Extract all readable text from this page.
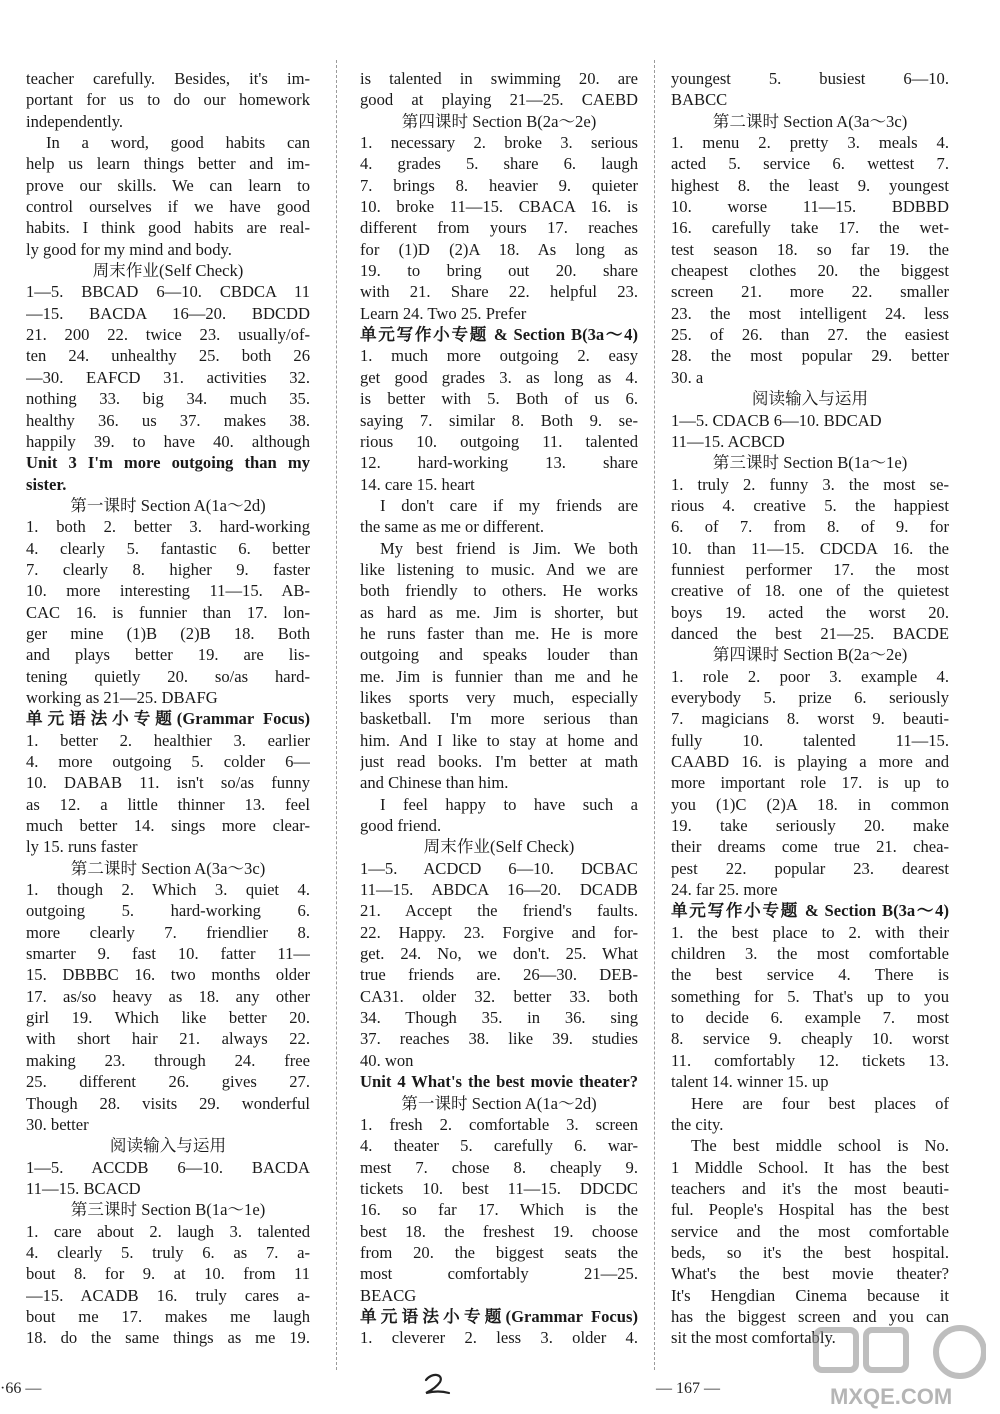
teacher carefully. Besides, it's im-
portant for us to do our homework
independently.
In a word, good habits can
help us learn things better and im-
prove our skills. We can learn to
control ourselves if we have good
habits. I think good habits are real-
ly good for my mind and body.
周末作业(Self Check)
1—5. BBCAD 6—10. CBDCA 11
—15. BACDA 16—20. BDCDD
21. 200 22. twice 23. usually/of-
ten 24. unhealthy 25. both 26
—30. EAFCD 31. activities 32.
nothing 33. big 34. much 35.
healthy 36. us 37. makes 38.
happily 39. to have 40. although
Unit 3 I'm more outgoing than my
sister.
第一课时 Section A(1a～2d)
1. both 2. better 3. hard-working
4. clearly 5. fantastic 6. better
7. clearly 8. higher 9. faster
10. more interesting 11—15. AB-
CAC 16. is funnier than 17. lon-
ger mine (1)B (2)B 18. Both
and plays better 19. are lis-
tening quietly 20. so/as hard-
working as 21—25. DBAFG
单元语法小专题(Grammar Focus)
1. better 2. healthier 3. earlier
4. more outgoing 5. colder 6—
10. DABAB 11. isn't so/as funny
as 12. a little thinner 13. feel
much better 14. sings more clear-
ly 15. runs faster
第二课时 Section A(3a～3c)
1. though 2. Which 3. quiet 4.
outgoing 5. hard-working 6.
more clearly 7. friendlier 8.
smarter 9. fast 10. fatter 11—
15. DBBBC 16. two months older
17. as/so heavy as 18. any other
girl 19. Which like better 20.
with short hair 21. always 22.
making 23. through 24. free
25. different 26. gives 27.
Though 28. visits 29. wonderful
30. better
阅读输入与运用
1—5. ACCDB 6—10. BACDA
11—15. BCACD
第三课时 Section B(1a～1e)
1. care about 2. laugh 3. talented
4. clearly 5. truly 6. as 7. a-
bout 8. for 9. at 10. from 11
—15. ACADB 16. truly cares a-
bout me 17. makes me laugh
18. do the same things as me 19.
is talented in swimming 20. are
good at playing 21—25. CAEBD
第四课时 Section B(2a～2e)
1. necessary 2. broke 3. serious
4. grades 5. share 6. laugh
7. brings 8. heavier 9. quieter
10. broke 11—15. CBACA 16. is
different from yours 17. reaches
for (1)D (2)A 18. As long as
19. to bring out 20. share
with 21. Share 22. helpful 23.
Learn 24. Two 25. Prefer
单元写作小专题 & Section B(3a～4)
1. much more outgoing 2. easy
get good grades 3. as long as 4.
is better with 5. Both of us 6.
saying 7. similar 8. Both 9. se-
rious 10. outgoing 11. talented
12. hard-working 13. share
14. care 15. heart
I don't care if my friends are
the same as me or different.
My best friend is Jim. We both
like listening to music. And we are
both friendly to others. He works
as hard as me. Jim is shorter, but
he runs faster than me. He is more
outgoing and speaks louder than
me. Jim is funnier than me and he
likes sports very much, especially
basketball. I'm more serious than
him. And I like to stay at home and
just read books. I'm better at math
and Chinese than him.
I feel happy to have such a
good friend.
周末作业(Self Check)
1—5. ACDCD 6—10. DCBAC
11—15. ABDCA 16—20. DCADB
21. Accept the friend's faults.
22. Happy. 23. Forgive and for-
get. 24. No, we don't. 25. What
true friends are. 26—30. DEB-
CA31. older 32. better 33. both
34. Though 35. in 36. sing
37. reaches 38. like 39. studies
40. won
Unit 4 What's the best movie theater?
第一课时 Section A(1a～2d)
1. fresh 2. comfortable 3. screen
4. theater 5. carefully 6. war-
mest 7. chose 8. cheaply 9.
tickets 10. best 11—15. DDCDC
16. so far 17. Which is the
best 18. the freshest 19. choose
from 20. the biggest seats the
most comfortably 21—25.
BEACG
单元语法小专题(Grammar Focus)
1. cleverer 2. less 3. older 4.
youngest 5. busiest 6—10.
BABCC
第二课时 Section A(3a～3c)
1. menu 2. pretty 3. meals 4.
acted 5. service 6. wettest 7.
highest 8. the least 9. youngest
10. worse 11—15. BDBBD
16. carefully take 17. the wet-
test season 18. so far 19. the
cheapest clothes 20. the biggest
screen 21. more 22. smaller
23. the most intelligent 24. less
25. of 26. than 27. the easiest
28. the most popular 29. better
30. a
阅读输入与运用
1—5. CDACB 6—10. BDCAD
11—15. ACBCD
第三课时 Section B(1a～1e)
1. truly 2. funny 3. the most se-
rious 4. creative 5. the happiest
6. of 7. from 8. of 9. for
10. than 11—15. CDCDA 16. the
funniest performer 17. the most
creative of 18. one of the quietest
boys 19. acted the worst 20.
danced the best 21—25. BACDE
第四课时 Section B(2a～2e)
1. role 2. poor 3. example 4.
everybody 5. prize 6. seriously
7. magicians 8. worst 9. beauti-
fully 10. talented 11—15.
CAABD 16. is playing a more and
more important role 17. is up to
you (1)C (2)A 18. in common
19. take seriously 20. make
their dreams come true 21. chea-
pest 22. popular 23. dearest
24. far 25. more
单元写作小专题 & Section B(3a～4)
1. the best place to 2. with their
children 3. the most comfortable
the best service 4. There is
something for 5. That's up to you
to decide 6. example 7. most
8. service 9. cheaply 10. worst
11. comfortably 12. tickets 13.
talent 14. winner 15. up
Here are four best places of
the city.
The best middle school is No.
1 Middle School. It has the best
teachers and it's the most beauti-
ful. People's Hospital has the best
service and the most comfortable
beds, so it's the best hospital.
What's the best movie theater?
It's Hengdian Cinema because it
has the biggest screen and you can
sit the most comfortably.
·66 —	— 167 —	MXQE.COM
